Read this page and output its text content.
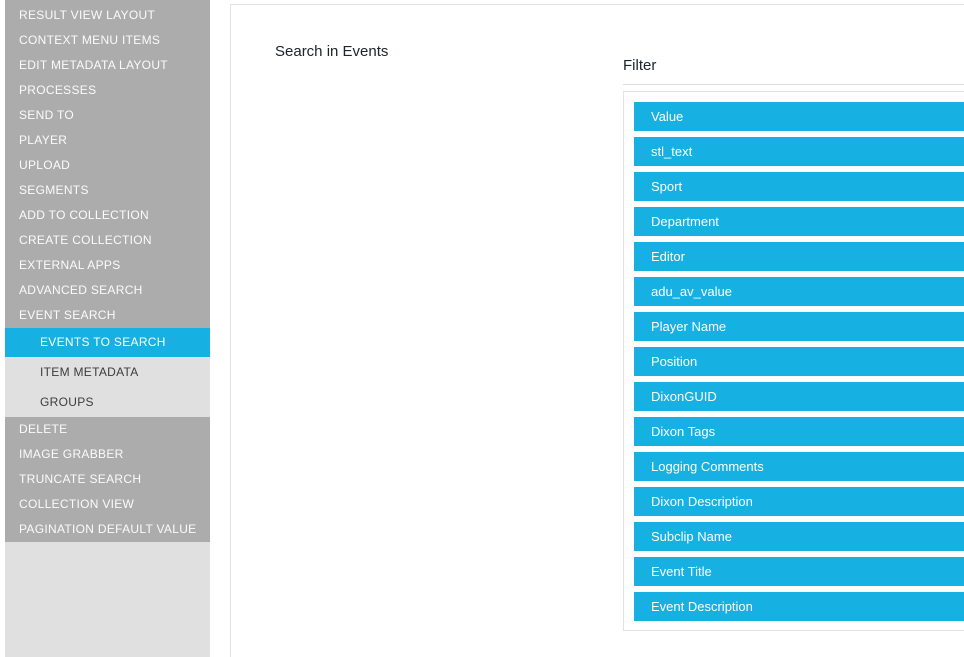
RESULT VIEW LAYOUT
CONTEXT MENU ITEMS
EDIT METADATA LAYOUT
PROCESSES
SEND TO
PLAYER
UPLOAD
SEGMENTS
ADD TO COLLECTION
CREATE COLLECTION
EXTERNAL APPS
ADVANCED SEARCH
EVENT SEARCH
EVENTS TO SEARCH
ITEM METADATA
GROUPS
DELETE
IMAGE GRABBER
TRUNCATE SEARCH
COLLECTION VIEW
PAGINATION DEFAULT VALUE
Search in Events
Filter
Value
stl_text
Sport
Department
Editor
adu_av_value
Player Name
Position
DixonGUID
Dixon Tags
Logging Comments
Dixon Description
Subclip Name
Event Title
Event Description
